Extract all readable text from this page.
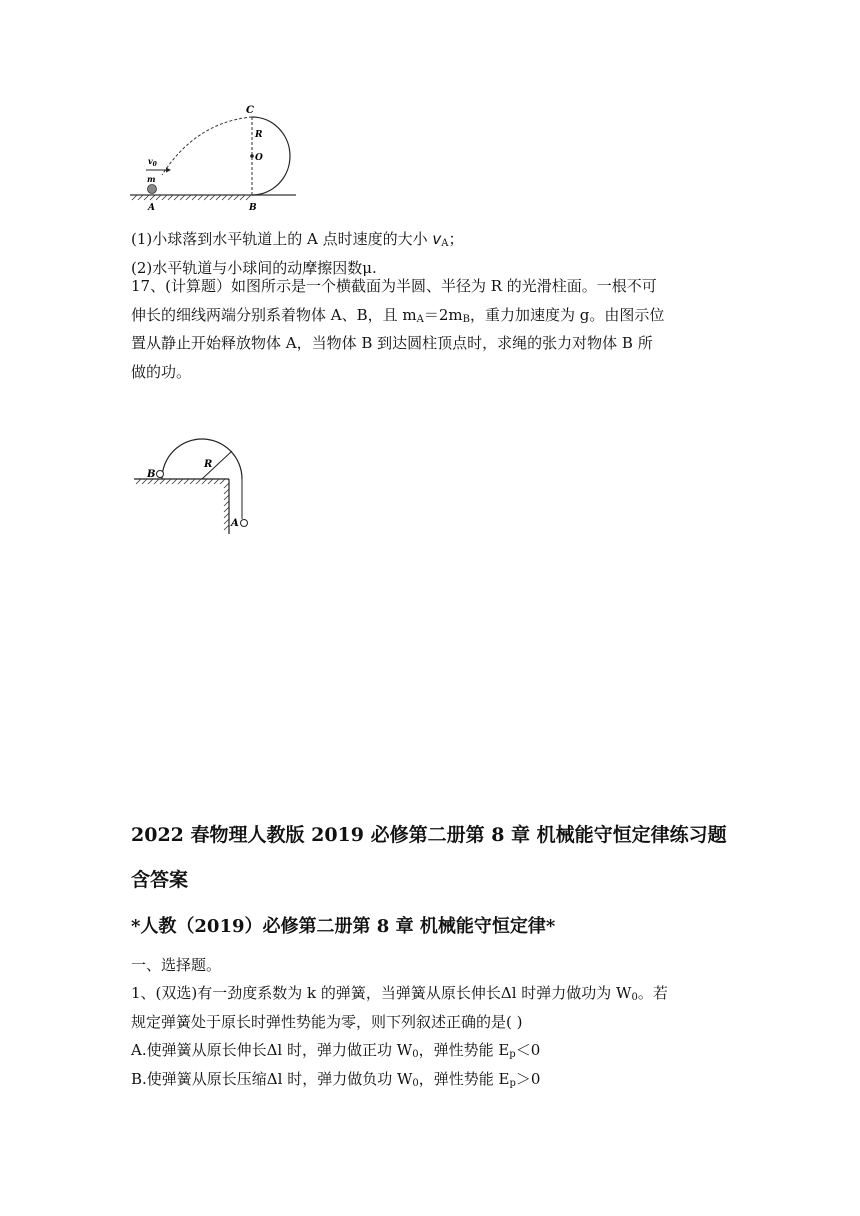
C
R
O
$v_0$
m
A	B
(1)小球落到水平轨道上的 A 点时速度的大小 $v_A$；
(2)水平轨道与小球间的动摩擦因数μ.
17、(计算题）如图所示是一个横截面为半圆、半径为 R 的光滑柱面。一根不可
伸长的细线两端分别系着物体 A、B，且 $m_A=2m_B$，重力加速度为 g。由图示位
置从静止开始释放物体 A，当物体 B 到达圆柱顶点时，求绳的张力对物体 B 所
做的功。
B
R
A
2022 春物理人教版 2019 必修第二册第 8 章 机械能守恒定律练习题
含答案
*人教（2019）必修第二册第 8 章 机械能守恒定律*
一、选择题。
1、(双选)有一劲度系数为 k 的弹簧，当弹簧从原长伸长Δl 时弹力做功为 $W_0$。若
规定弹簧处于原长时弹性势能为零，则下列叙述正确的是( )
A.使弹簧从原长伸长Δl 时，弹力做正功 $W_0$，弹性势能 $E_p<0$
B.使弹簧从原长压缩Δl 时，弹力做负功 $W_0$，弹性势能 $E_p>0$
